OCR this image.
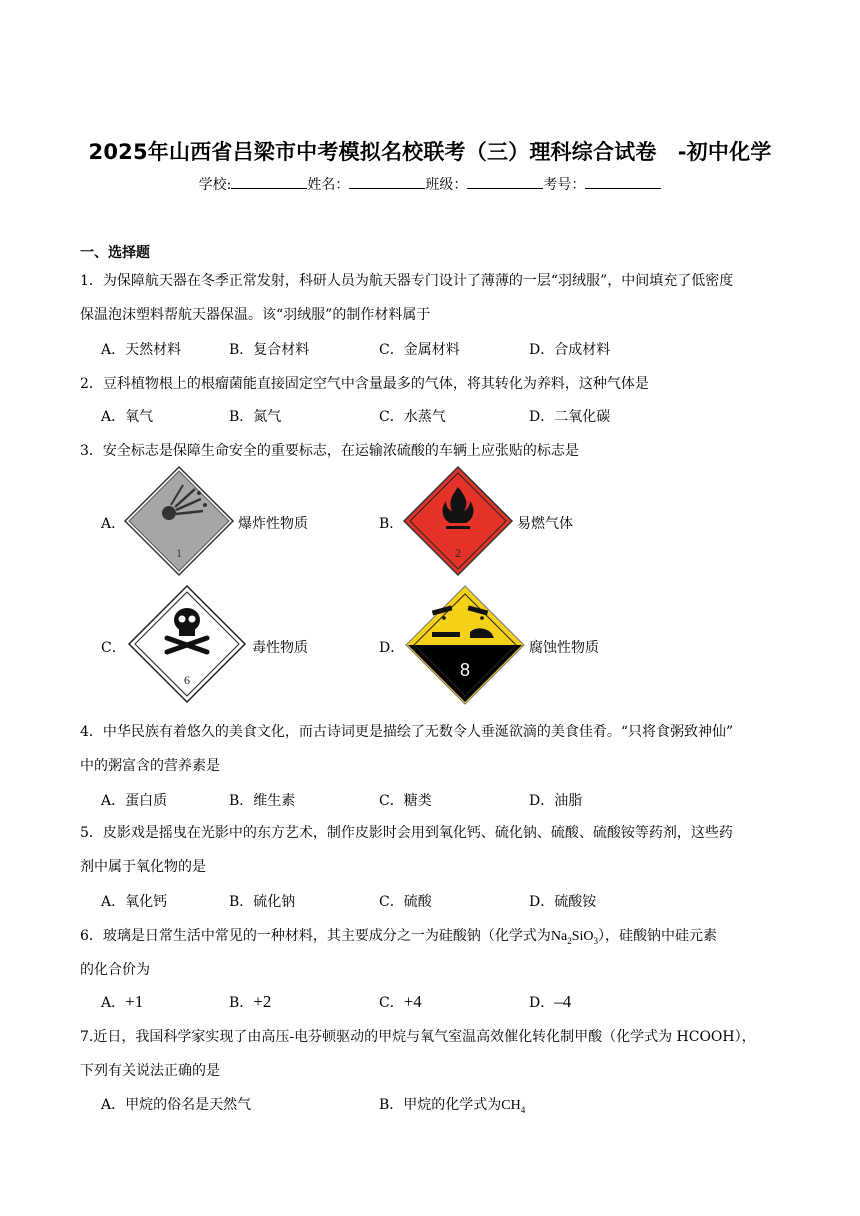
2025年山西省吕梁市中考模拟名校联考（三）理科综合试卷　-初中化学
学校:	姓名：	班级：	考号：
一、选择题
1．为保障航天器在冬季正常发射，科研人员为航天器专门设计了薄薄的一层“羽绒服”，中间填充了低密度
保温泡沫塑料帮航天器保温。该“羽绒服”的制作材料属于
A．天然材料	B．复合材料	C．金属材料	D．合成材料
2．豆科植物根上的根瘤菌能直接固定空气中含量最多的气体，将其转化为养料，这种气体是
A．氧气	B．氮气	C．水蒸气	D．二氧化碳
3．安全标志是保障生命安全的重要标志，在运输浓硫酸的车辆上应张贴的标志是
A．
1
爆炸性物质	B．
2
易燃气体
C．
6
毒性物质	D．
8
腐蚀性物质
4．中华民族有着悠久的美食文化，而古诗词更是描绘了无数令人垂涎欲滴的美食佳肴。“只将食粥致神仙”
中的粥富含的营养素是
A．蛋白质	B．维生素	C．糖类	D．油脂
5．皮影戏是摇曳在光影中的东方艺术，制作皮影时会用到氧化钙、硫化钠、硫酸、硫酸铵等药剂，这些药
剂中属于氧化物的是
A．氧化钙	B．硫化钠	C．硫酸	D．硫酸铵
6．玻璃是日常生活中常见的一种材料，其主要成分之一为硅酸钠（化学式为$Na_2SiO_3$），硅酸钠中硅元素
的化合价为
A．+1	B．+2	C．+4	D．–4
7.近日，我国科学家实现了由高压-电芬顿驱动的甲烷与氧气室温高效催化转化制甲酸（化学式为 HCOOH），
下列有关说法正确的是
A．甲烷的俗名是天然气	B．甲烷的化学式为$CH_4$
